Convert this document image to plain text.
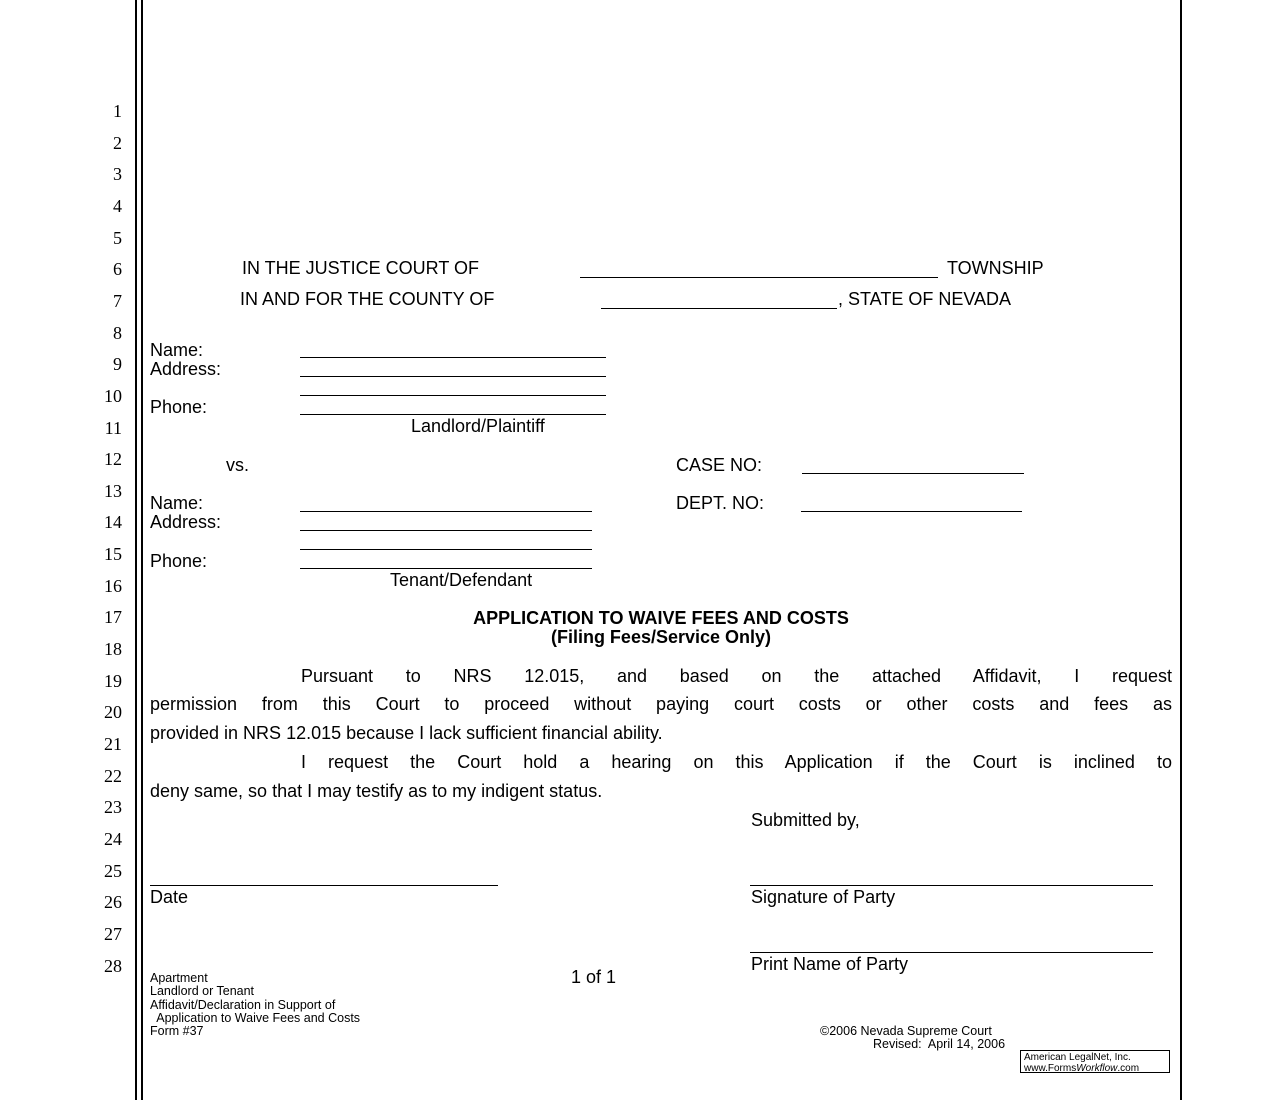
1
2
3
4
5
6
7
8
9
10
11
12
13
14
15
16
17
18
19
20
21
22
23
24
25
26
27
28
IN THE JUSTICE COURT OF	TOWNSHIP
IN AND FOR THE COUNTY OF	, STATE OF NEVADA
Name:
Address:
Phone:
Landlord/Plaintiff
vs.	CASE NO:
DEPT. NO:
Name:
Address:
Phone:
Tenant/Defendant
APPLICATION TO WAIVE FEES AND COSTS
(Filing Fees/Service Only)
Pursuant to NRS 12.015, and based on the attached Affidavit, I request
permission from this Court to proceed without paying court costs or other costs and fees as
provided in NRS 12.015 because I lack sufficient financial ability.
I request the Court hold a hearing on this Application if the Court is inclined to
deny same, so that I may testify as to my indigent status.
Submitted by,
Date	Signature of Party
Print Name of Party
Apartment
Landlord or Tenant
Affidavit/Declaration in Support of
Application to Waive Fees and Costs
Form #37
1 of 1
©2006 Nevada Supreme Court
Revised:  April 14, 2006
American LegalNet, Inc.
www.FormsWorkflow.com
